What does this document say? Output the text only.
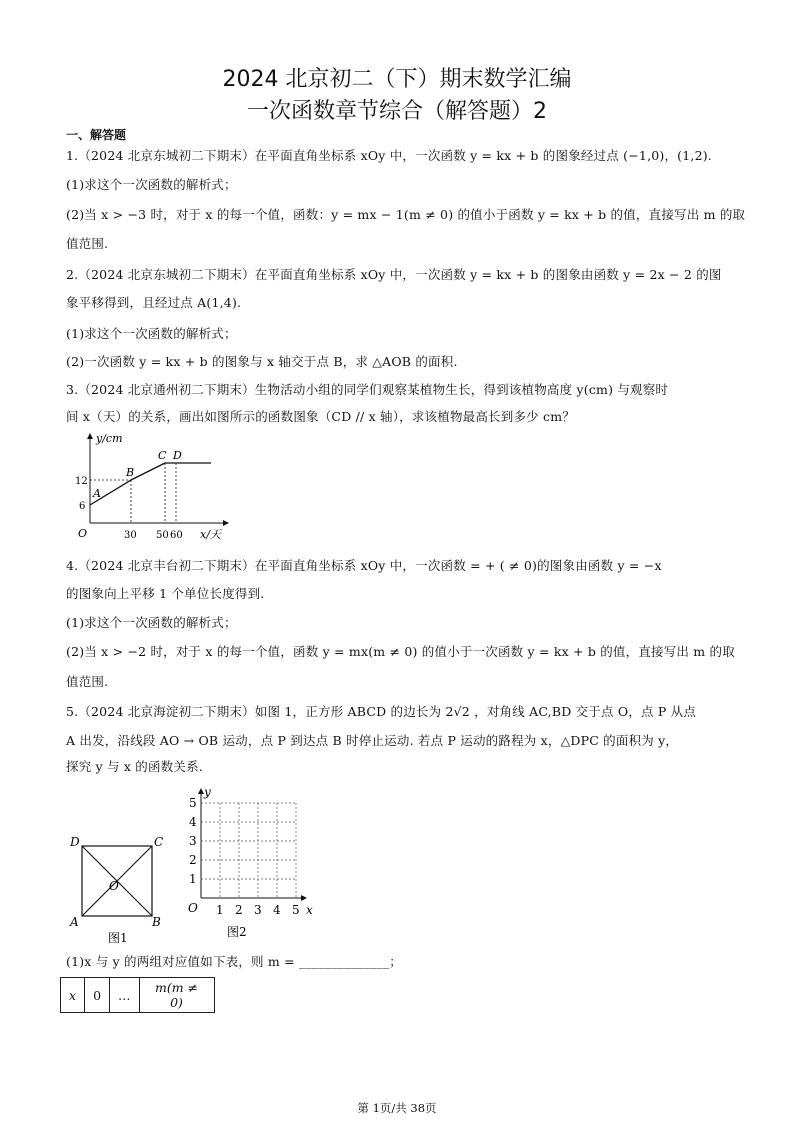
2024 北京初二（下）期末数学汇编
一次函数章节综合（解答题）2
一、解答题
1.（2024 北京东城初二下期末）在平面直角坐标系 xOy 中，一次函数 y = kx + b 的图象经过点 (−1,0)，(1,2).
(1)求这个一次函数的解析式；
(2)当 x > −3 时，对于 x 的每一个值，函数：y = mx − 1(m ≠ 0) 的值小于函数 y = kx + b 的值，直接写出 m 的取
值范围.
2.（2024 北京东城初二下期末）在平面直角坐标系 xOy 中，一次函数 y = kx + b 的图象由函数 y = 2x − 2 的图
象平移得到，且经过点 A(1,4).
(1)求这个一次函数的解析式；
(2)一次函数 y = kx + b 的图象与 x 轴交于点 B，求 △AOB 的面积.
3.（2024 北京通州初二下期末）生物活动小组的同学们观察某植物生长，得到该植物高度 y(cm) 与观察时
间 x（天）的关系，画出如图所示的函数图象（CD // x 轴），求该植物最高长到多少 cm？
y/cm
x/天
O
12
6
30 50 60
A
B
C D
4.（2024 北京丰台初二下期末）在平面直角坐标系 xOy 中，一次函数 = + ( ≠ 0)的图象由函数 y = −x
的图象向上平移 1 个单位长度得到.
(1)求这个一次函数的解析式；
(2)当 x > −2 时，对于 x 的每一个值，函数 y = mx(m ≠ 0) 的值小于一次函数 y = kx + b 的值，直接写出 m 的取
值范围.
5.（2024 北京海淀初二下期末）如图 1，正方形 ABCD 的边长为 2√2 ，对角线 AC,BD 交于点 O，点 P 从点
A 出发，沿线段 AO → OB 运动，点 P 到达点 B 时停止运动. 若点 P 运动的路程为 x，△DPC 的面积为 y，
探究 y 与 x 的函数关系.
D	C
O
A	B
图1
y
x
O
5
4
3
2
1
1 2 3 4 5
图2
(1)x 与 y 的两组对应值如下表，则 m = ______________；
x	0	…	m(m ≠ 0)
第 1页/共 38页
